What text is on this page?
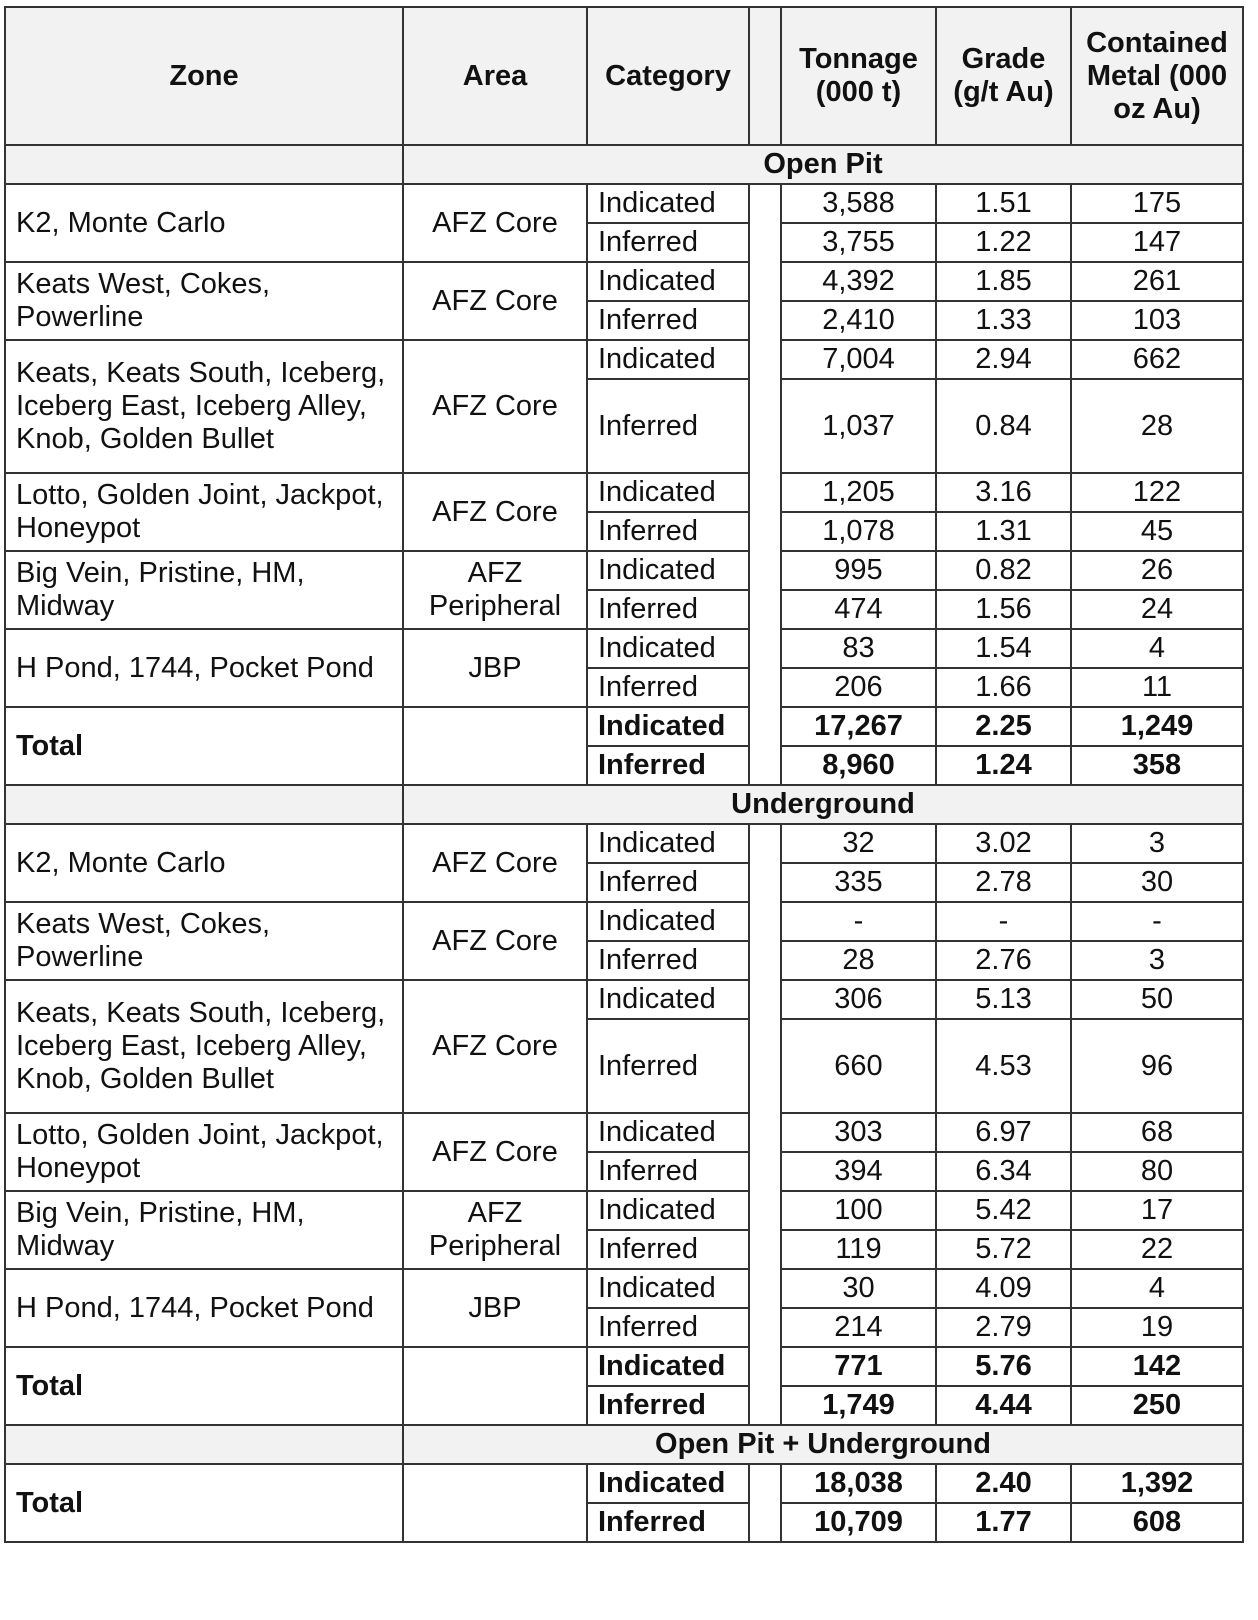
Zone	Area	Category		Tonnage (000 t)	Grade (g/t Au)	Contained Metal (000 oz Au)
	Open Pit					
K2, Monte Carlo	AFZ Core	Indicated		3,588	1.51	175
		Inferred		3,755	1.22	147
Keats West, Cokes, Powerline	AFZ Core	Indicated		4,392	1.85	261
		Inferred		2,410	1.33	103
Keats, Keats South, Iceberg, Iceberg East, Iceberg Alley, Knob, Golden Bullet	AFZ Core	Indicated		7,004	2.94	662
		Inferred		1,037	0.84	28
Lotto, Golden Joint, Jackpot, Honeypot	AFZ Core	Indicated		1,205	3.16	122
		Inferred		1,078	1.31	45
Big Vein, Pristine, HM, Midway	AFZ Peripheral	Indicated		995	0.82	26
		Inferred		474	1.56	24
H Pond, 1744, Pocket Pond	JBP	Indicated		83	1.54	4
		Inferred		206	1.66	11
Total		Indicated		17,267	2.25	1,249
		Inferred		8,960	1.24	358
	Underground					
K2, Monte Carlo	AFZ Core	Indicated		32	3.02	3
		Inferred		335	2.78	30
Keats West, Cokes, Powerline	AFZ Core	Indicated		-	-	-
		Inferred		28	2.76	3
Keats, Keats South, Iceberg, Iceberg East, Iceberg Alley, Knob, Golden Bullet	AFZ Core	Indicated		306	5.13	50
		Inferred		660	4.53	96
Lotto, Golden Joint, Jackpot, Honeypot	AFZ Core	Indicated		303	6.97	68
		Inferred		394	6.34	80
Big Vein, Pristine, HM, Midway	AFZ Peripheral	Indicated		100	5.42	17
		Inferred		119	5.72	22
H Pond, 1744, Pocket Pond	JBP	Indicated		30	4.09	4
		Inferred		214	2.79	19
Total		Indicated		771	5.76	142
		Inferred		1,749	4.44	250
	Open Pit + Underground					
Total		Indicated		18,038	2.40	1,392
		Inferred		10,709	1.77	608
